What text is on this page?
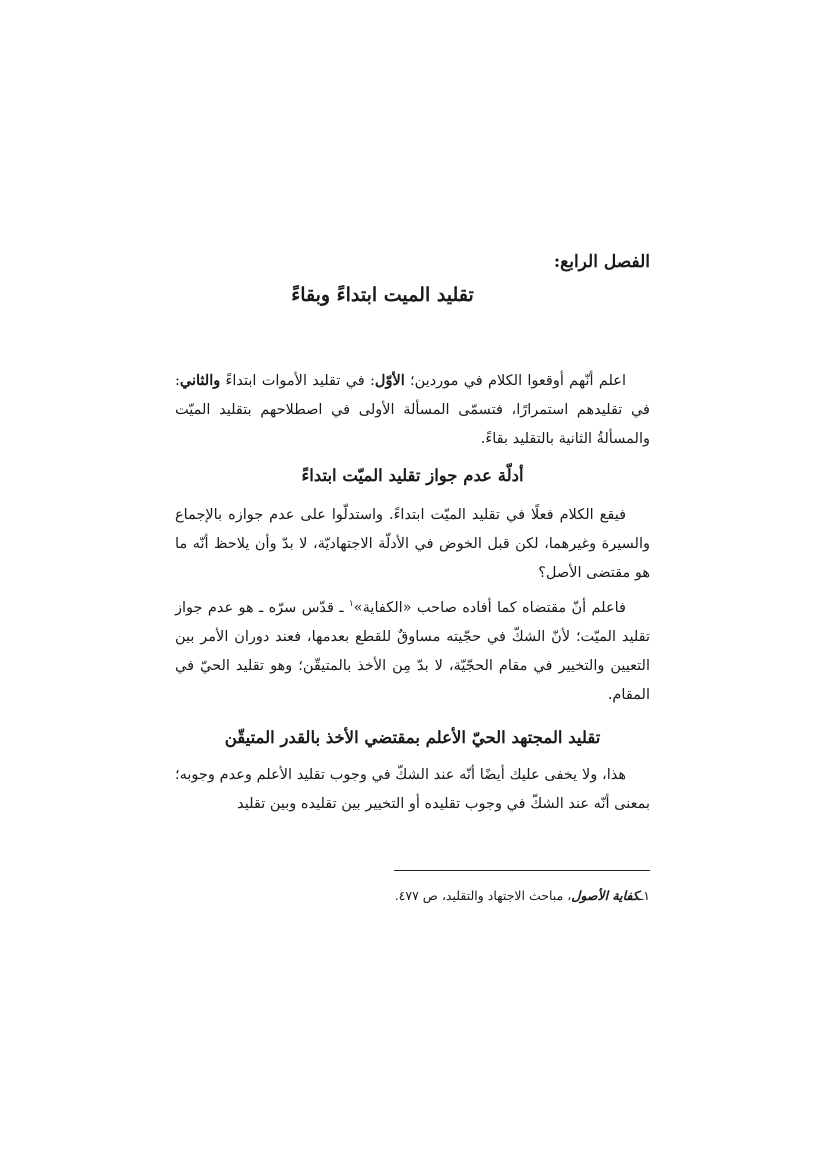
الفصل الرابع:
تقليد الميت ابتداءً وبقاءً

اعلم أنّهم أوقعوا الكلام في موردين؛ الأوّل: في تقليد الأموات ابتداءً والثاني: في تقليدهم استمرارًا، فتسمّى المسألة الأولى في اصطلاحهم بتقليد الميّت والمسألةُ الثانية بالتقليد بقاءً.

أدلّة عدم جواز تقليد الميّت ابتداءً

فيقع الكلام فعلًا في تقليد الميّت ابتداءً. واستدلّوا على عدم جوازه بالإجماع والسيرة وغيرهما، لكن قبل الخوض في الأدلّة الاجتهاديّة، لا بدّ وأن يلاحظ أنّه ما هو مقتضى الأصل؟

فاعلم أنّ مقتضاه كما أفاده صاحب «الكفاية»$^١$ ـ قدّس سرّه ـ هو عدم جواز تقليد الميّت؛ لأنّ الشكّ في حجّيته مساوقٌ للقطع بعدمها، فعند دوران الأمر بين التعيين والتخيير في مقام الحجّيّة، لا بدّ مِن الأخذ بالمتيقّن؛ وهو تقليد الحيّ في المقام.

تقليد المجتهد الحيّ الأعلم بمقتضي الأخذ بالقدر المتيقّن

هذا، ولا يخفى عليك أيضًا أنّه عند الشكّ في وجوب تقليد الأعلم وعدم وجوبه؛ بمعنى أنّه عند الشكّ في وجوب تقليده أو التخيير بين تقليده وبين تقليد

١ـكفاية الأصول، مباحث الاجتهاد والتقليد، ص ٤٧٧.
